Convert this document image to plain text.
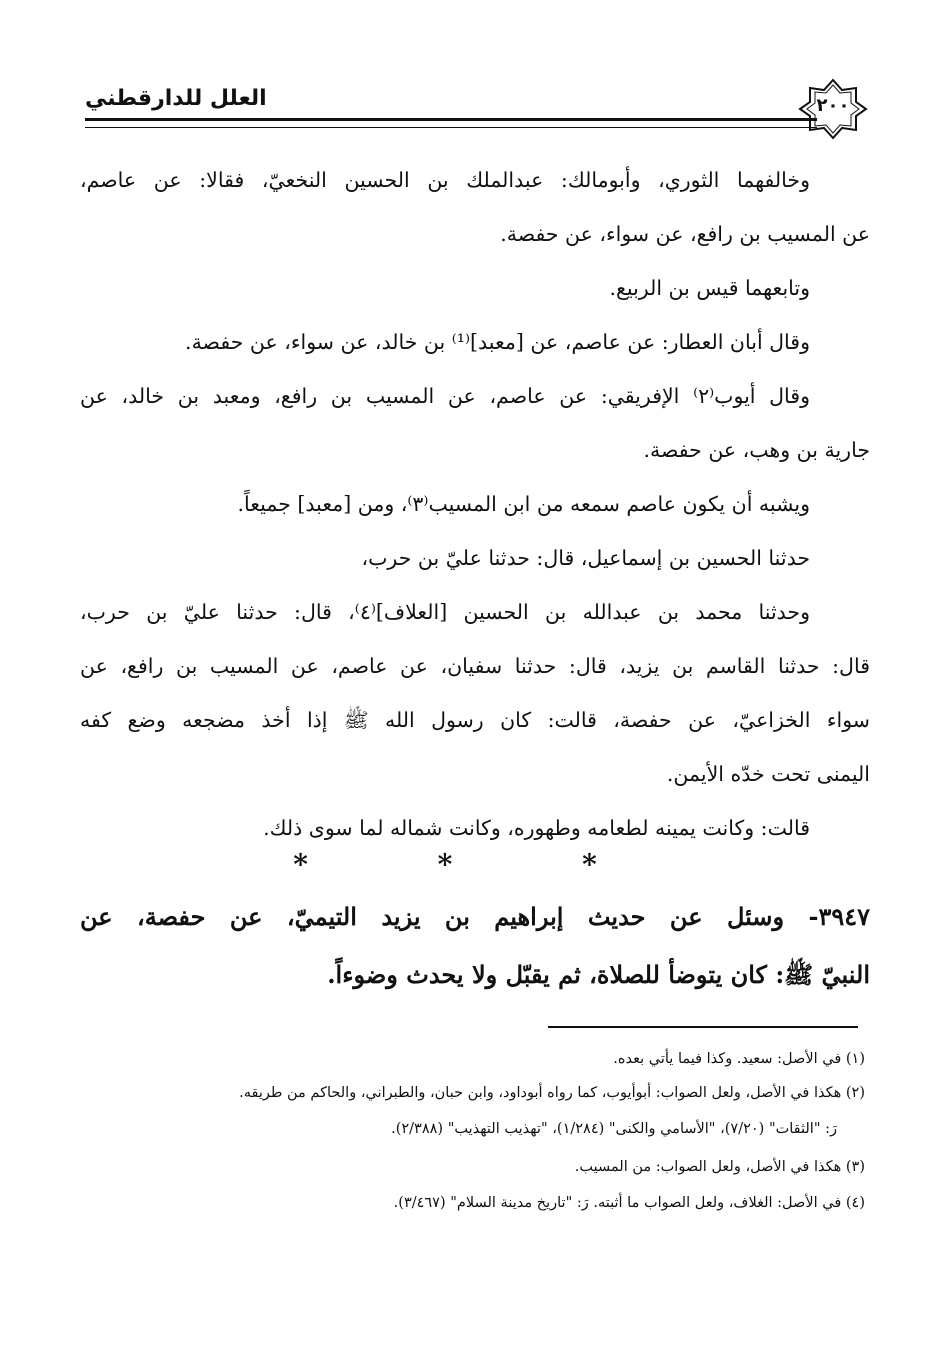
العلل للدارقطني	٢٠٠
وخالفهما الثوري، وأبومالك: عبدالملك بن الحسين النخعيّ، فقالا: عن عاصم،
عن المسيب بن رافع، عن سواء، عن حفصة.
وتابعهما قيس بن الربيع.
وقال أبان العطار: عن عاصم، عن [معبد]⁽¹⁾ بن خالد، عن سواء، عن حفصة.
وقال أيوب⁽٢⁾ الإفريقي: عن عاصم، عن المسيب بن رافع، ومعبد بن خالد، عن
جارية بن وهب، عن حفصة.
ويشبه أن يكون عاصم سمعه من ابن المسيب⁽٣⁾، ومن [معبد] جميعاً.
حدثنا الحسين بن إسماعيل، قال: حدثنا عليّ بن حرب،
وحدثنا محمد بن عبدالله بن الحسين [العلاف]⁽٤⁾، قال: حدثنا عليّ بن حرب،
قال: حدثنا القاسم بن يزيد، قال: حدثنا سفيان، عن عاصم، عن المسيب بن رافع، عن
سواء الخزاعيّ، عن حفصة، قالت: كان رسول الله ﷺ إذا أخذ مضجعه وضع كفه
اليمنى تحت خدّه الأيمن.
قالت: وكانت يمينه لطعامه وطهوره، وكانت شماله لما سوى ذلك.
* * *
٣٩٤٧- وسئل عن حديث إبراهيم بن يزيد التيميّ، عن حفصة، عن
النبيّ ﷺ: كان يتوضأ للصلاة، ثم يقبّل ولا يحدث وضوءاً.
(١) في الأصل: سعيد. وكذا فيما يأتي بعده.
(٢) هكذا في الأصل، ولعل الصواب: أبوأيوب، كما رواه أبوداود، وابن حبان، والطبراني، والحاكم من طريقه.
رَ: "الثقات" (٧/٢٠)، "الأسامي والكنى" (١/٢٨٤)، "تهذيب التهذيب" (٢/٣٨٨).
(٣) هكذا في الأصل، ولعل الصواب: من المسيب.
(٤) في الأصل: الغلاف، ولعل الصواب ما أثبته. رَ: "تاريخ مدينة السلام" (٣/٤٦٧).
